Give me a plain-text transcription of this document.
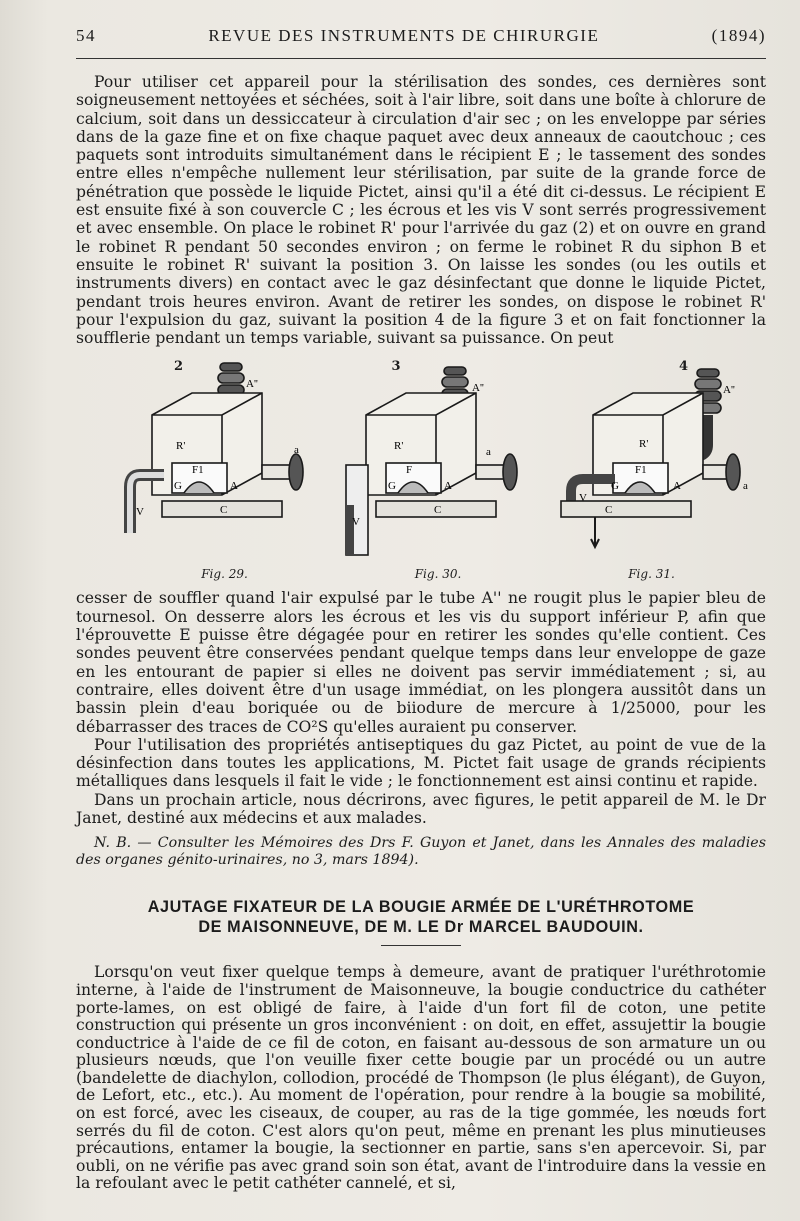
54	REVUE DES INSTRUMENTS DE CHIRURGIE	(1894)

Pour utiliser cet appareil pour la stérilisation des sondes, ces dernières sont soigneusement nettoyées et séchées, soit à l'air libre, soit dans une boîte à chlorure de calcium, soit dans un dessiccateur à circulation d'air sec ; on les enveloppe par séries dans de la gaze fine et on fixe chaque paquet avec deux anneaux de caoutchouc ; ces paquets sont introduits simultanément dans le récipient E ; le tassement des sondes entre elles n'empêche nullement leur stérilisation, par suite de la grande force de pénétration que possède le liquide Pictet, ainsi qu'il a été dit ci-dessus. Le récipient E est ensuite fixé à son couvercle C ; les écrous et les vis V sont serrés progressivement et avec ensemble. On place le robinet R' pour l'arrivée du gaz (2) et on ouvre en grand le robinet R pendant 50 secondes environ ; on ferme le robinet R du siphon B et ensuite le robinet R' suivant la position 3. On laisse les sondes (ou les outils et instruments divers) en contact avec le gaz désinfectant que donne le liquide Pictet, pendant trois heures environ. Avant de retirer les sondes, on dispose le robinet R' pour l'expulsion du gaz, suivant la position 4 de la figure 3 et on fait fonctionner la soufflerie pendant un temps variable, suivant sa puissance. On peut

2
A''
R'
F1
a
G	A
C
V
Fig. 29.
3
A''
R'
F
a
G	A
C
V
Fig. 30.
4
A''
R'
F1
a
G	A
C
V
Fig. 31.

cesser de souffler quand l'air expulsé par le tube A'' ne rougit plus le papier bleu de tournesol. On desserre alors les écrous et les vis du support inférieur P, afin que l'éprouvette E puisse être dégagée pour en retirer les sondes qu'elle contient. Ces sondes peuvent être conservées pendant quelque temps dans leur enveloppe de gaze en les entourant de papier si elles ne doivent pas servir immédiatement ; si, au contraire, elles doivent être d'un usage immédiat, on les plongera aussitôt dans un bassin plein d'eau boriquée ou de biiodure de mercure à 1/25000, pour les débarrasser des traces de CO²S qu'elles auraient pu conserver.

Pour l'utilisation des propriétés antiseptiques du gaz Pictet, au point de vue de la désinfection dans toutes les applications, M. Pictet fait usage de grands récipients métalliques dans lesquels il fait le vide ; le fonctionnement est ainsi continu et rapide.

Dans un prochain article, nous décrirons, avec figures, le petit appareil de M. le Dr Janet, destiné aux médecins et aux malades.

N. B. — Consulter les Mémoires des Drs F. Guyon et Janet, dans les Annales des maladies des organes génito-urinaires, no 3, mars 1894).

AJUTAGE FIXATEUR DE LA BOUGIE ARMÉE DE L'URÉTHROTOME
DE MAISONNEUVE, DE M. LE Dr MARCEL BAUDOUIN.

Lorsqu'on veut fixer quelque temps à demeure, avant de pratiquer l'uréthrotomie interne, à l'aide de l'instrument de Maisonneuve, la bougie conductrice du cathéter porte-lames, on est obligé de faire, à l'aide d'un fort fil de coton, une petite construction qui présente un gros inconvénient : on doit, en effet, assujettir la bougie conductrice à l'aide de ce fil de coton, en faisant au-dessous de son armature un ou plusieurs nœuds, que l'on veuille fixer cette bougie par un procédé ou un autre (bandelette de diachylon, collodion, procédé de Thompson (le plus élégant), de Guyon, de Lefort, etc., etc.). Au moment de l'opération, pour rendre à la bougie sa mobilité, on est forcé, avec les ciseaux, de couper, au ras de la tige gommée, les nœuds fort serrés du fil de coton. C'est alors qu'on peut, même en prenant les plus minutieuses précautions, entamer la bougie, la sectionner en partie, sans s'en apercevoir. Si, par oubli, on ne vérifie pas avec grand soin son état, avant de l'introduire dans la vessie en la refoulant avec le petit cathéter cannelé, et si,
